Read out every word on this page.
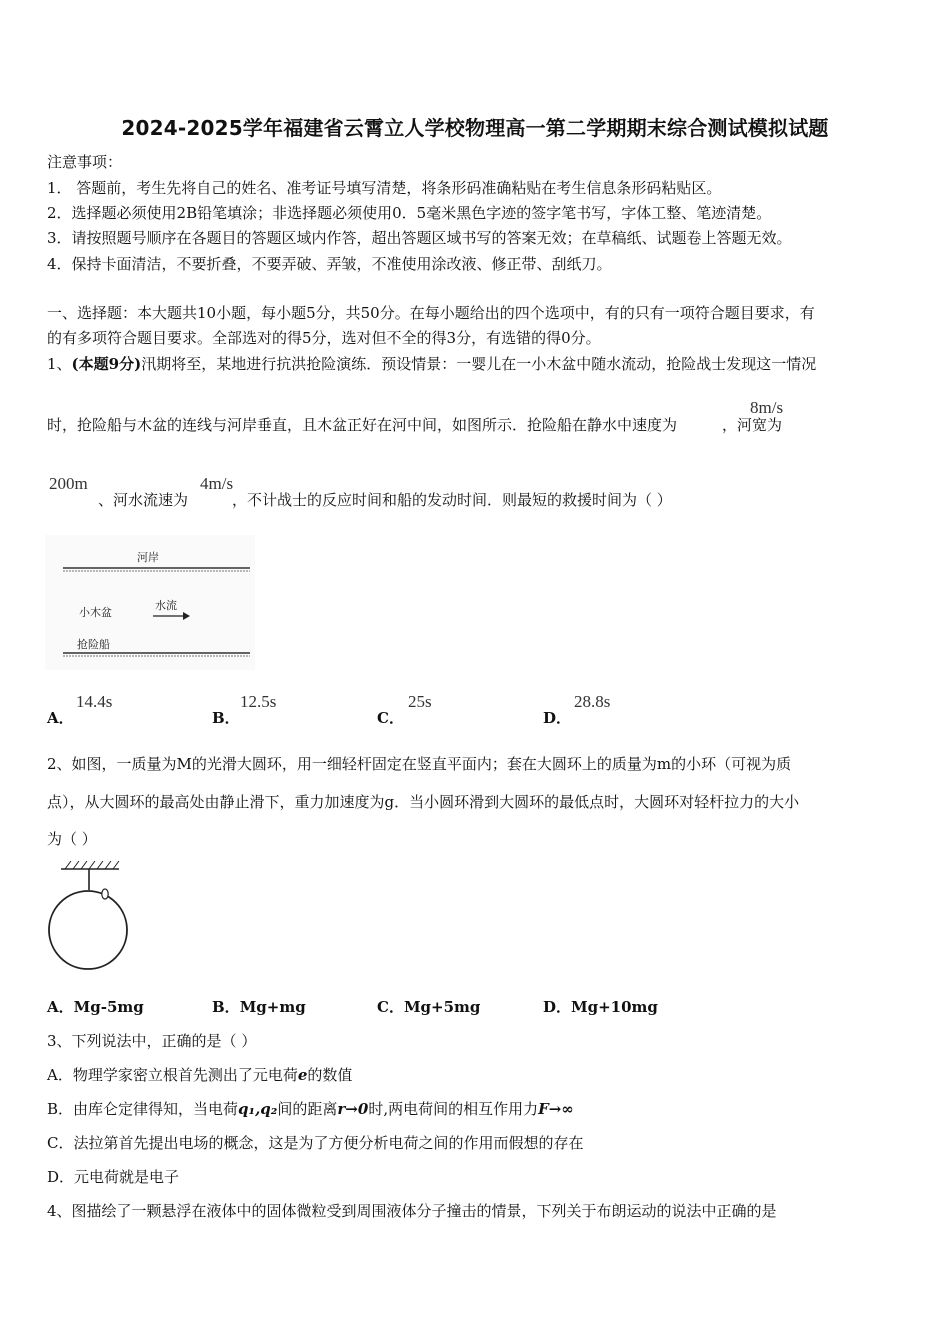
2024-2025学年福建省云霄立人学校物理高一第二学期期末综合测试模拟试题
注意事项：
1． 答题前，考生先将自己的姓名、准考证号填写清楚，将条形码准确粘贴在考生信息条形码粘贴区。
2．选择题必须使用2B铅笔填涂；非选择题必须使用0．5毫米黑色字迹的签字笔书写，字体工整、笔迹清楚。
3．请按照题号顺序在各题目的答题区域内作答，超出答题区域书写的答案无效；在草稿纸、试题卷上答题无效。
4．保持卡面清洁，不要折叠，不要弄破、弄皱，不准使用涂改液、修正带、刮纸刀。
一、选择题：本大题共10小题，每小题5分，共50分。在每小题给出的四个选项中，有的只有一项符合题目要求，有
的有多项符合题目要求。全部选对的得5分，选对但不全的得3分，有选错的得0分。
1、(本题9分)汛期将至，某地进行抗洪抢险演练．预设情景：一婴儿在一小木盆中随水流动，抢险战士发现这一情况
时，抢险船与木盆的连线与河岸垂直，且木盆正好在河中间，如图所示．抢险船在静水中速度为	，河宽为
8m/s
200m
、河水流速为	，不计战士的反应时间和船的发动时间．则最短的救援时间为（ ）
4m/s
河岸
小木盆
水流
抢险船
A．
14.4s
B．
12.5s
C．
25s
D．
28.8s
2、如图，一质量为M的光滑大圆环，用一细轻杆固定在竖直平面内；套在大圆环上的质量为m的小环（可视为质
点），从大圆环的最高处由静止滑下，重力加速度为g．当小圆环滑到大圆环的最低点时，大圆环对轻杆拉力的大小
为（ ）
A．Mg-5mg	B．Mg+mg	C．Mg+5mg	D．Mg+10mg
3、下列说法中，正确的是（ ）
A．物理学家密立根首先测出了元电荷e的数值
B．由库仑定律得知，当电荷q₁,q₂间的距离r→0时,两电荷间的相互作用力F→∞
C．法拉第首先提出电场的概念，这是为了方便分析电荷之间的作用而假想的存在
D．元电荷就是电子
4、图描绘了一颗悬浮在液体中的固体微粒受到周围液体分子撞击的情景，下列关于布朗运动的说法中正确的是
